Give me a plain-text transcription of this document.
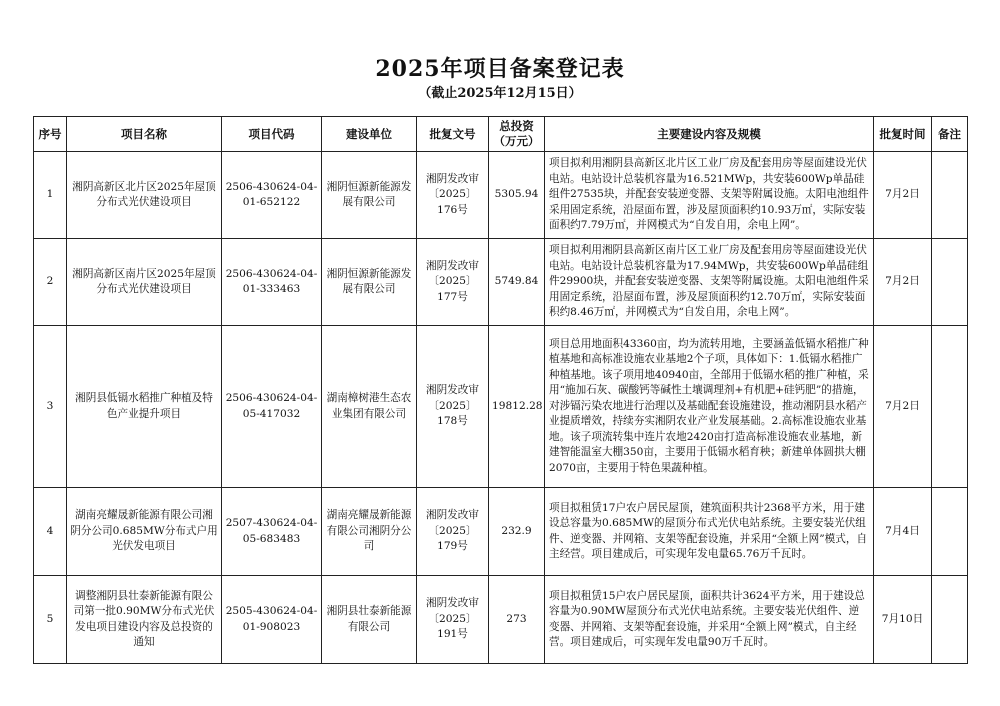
2025年项目备案登记表
（截止2025年12月15日）
序号	项目名称	项目代码	建设单位	批复文号	总投资（万元）	主要建设内容及规模	批复时间	备注
1	湘阴高新区北片区2025年屋顶分布式光伏建设项目	2506-430624-04-01-652122	湘阴恒源新能源发展有限公司	湘阴发改审〔2025〕176号	5305.94	项目拟利用湘阴县高新区北片区工业厂房及配套用房等屋面建设光伏电站。电站设计总装机容量为16.521MWp，共安装600Wp单晶硅组件27535块，并配套安装逆变器、支架等附属设施。太阳电池组件采用固定系统，沿屋面布置，涉及屋顶面积约10.93万㎡，实际安装面积约7.79万㎡，并网模式为“自发自用，余电上网”。	7月2日	
2	湘阴高新区南片区2025年屋顶分布式光伏建设项目	2506-430624-04-01-333463	湘阴恒源新能源发展有限公司	湘阴发改审〔2025〕177号	5749.84	项目拟利用湘阴县高新区南片区工业厂房及配套用房等屋面建设光伏电站。电站设计总装机容量为17.94MWp，共安装600Wp单晶硅组件29900块，并配套安装逆变器、支架等附属设施。太阳电池组件采用固定系统，沿屋面布置，涉及屋顶面积约12.70万㎡，实际安装面积约8.46万㎡，并网模式为“自发自用，余电上网”。	7月2日	
3	湘阴县低镉水稻推广种植及特色产业提升项目	2506-430624-04-05-417032	湖南樟树港生态农业集团有限公司	湘阴发改审〔2025〕178号	19812.28	项目总用地面积43360亩，均为流转用地，主要涵盖低镉水稻推广种植基地和高标准设施农业基地2个子项，具体如下：1.低镉水稻推广种植基地。该子项用地40940亩，全部用于低镉水稻的推广种植，采用“施加石灰、碳酸钙等碱性土壤调理剂+有机肥+硅钙肥”的措施，对涉镉污染农地进行治理以及基础配套设施建设，推动湘阴县水稻产业提质增效，持续夯实湘阴农业产业发展基础。2.高标准设施农业基地。该子项流转集中连片农地2420亩打造高标准设施农业基地，新建智能温室大棚350亩，主要用于低镉水稻育秧；新建单体圆拱大棚2070亩，主要用于特色果蔬种植。	7月2日	
4	湖南亮耀晟新能源有限公司湘阴分公司0.685MW分布式户用光伏发电项目	2507-430624-04-05-683483	湖南亮耀晟新能源有限公司湘阴分公司	湘阴发改审〔2025〕179号	232.9	项目拟租赁17户农户居民屋顶，建筑面积共计2368平方米，用于建设总容量为0.685MW的屋顶分布式光伏电站系统。主要安装光伏组件、逆变器、并网箱、支架等配套设施，并采用“全额上网”模式，自主经营。项目建成后，可实现年发电量65.76万千瓦时。	7月4日	
5	调整湘阴县壮泰新能源有限公司第一批0.90MW分布式光伏发电项目建设内容及总投资的通知	2505-430624-04-01-908023	湘阴县壮泰新能源有限公司	湘阴发改审〔2025〕191号	273	项目拟租赁15户农户居民屋顶，面积共计3624平方米，用于建设总容量为0.90MW屋顶分布式光伏电站系统。主要安装光伏组件、逆变器、并网箱、支架等配套设施，并采用“全额上网”模式，自主经营。项目建成后，可实现年发电量90万千瓦时。	7月10日	
